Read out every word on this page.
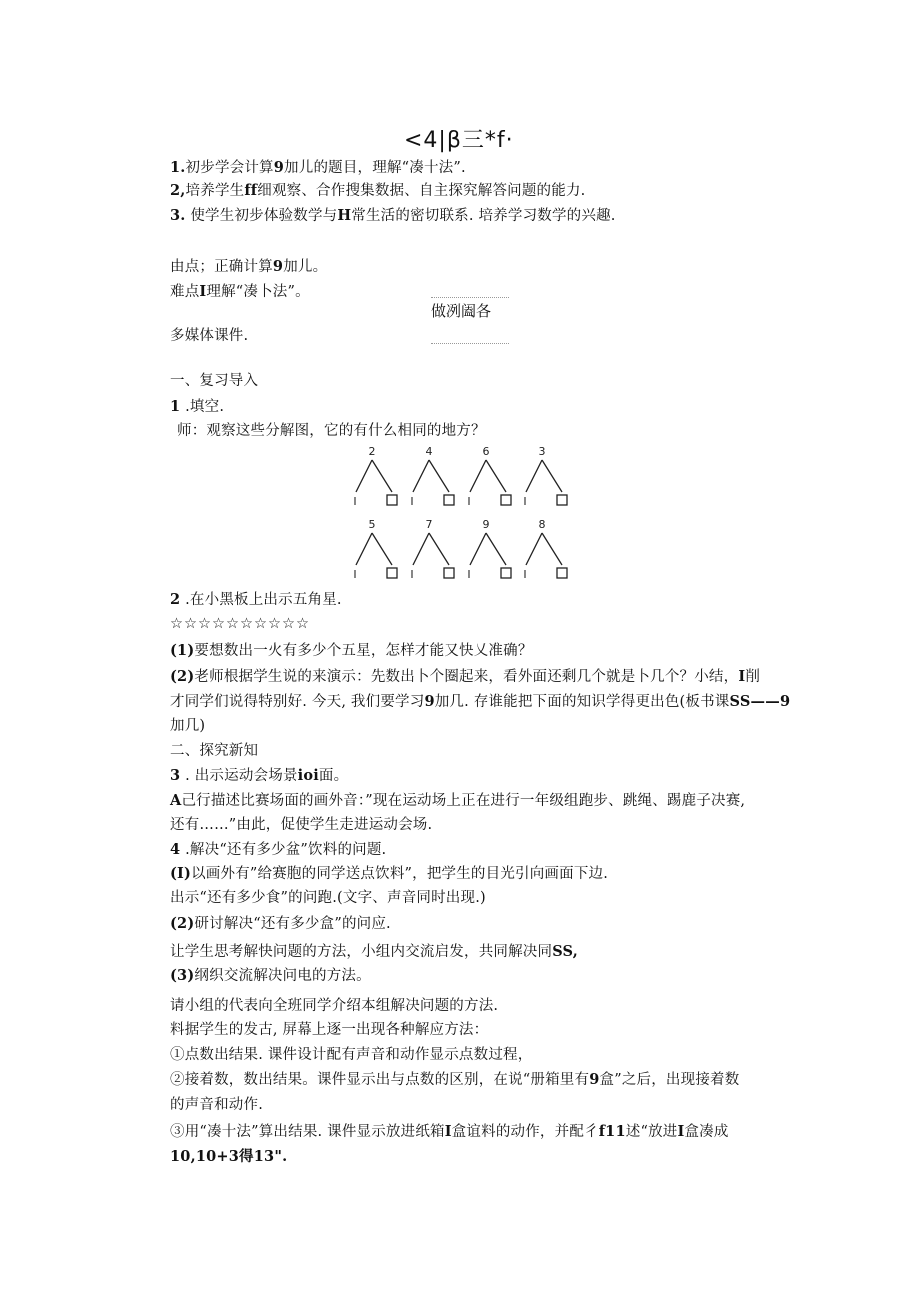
<4|β三*f·
1.初步学会计算9加儿的题目，理解“凑十法”.
2,培养学生ff细观察、合作搜集数据、自主探究解答问题的能力.
3. 使学生初步体验数学与H常生活的密切联系. 培养学习数学的兴趣.
由点；正确计算9加儿。
难点I理解“凑卜法”。
做冽阖各
多媒体课件.
一、复习导入
1 .填空.
师：观察这些分解图，它的有什么相同的地方？
2
I
4
I
6
I
3
I
5
I
7
I
9
I
8
I
2 .在小黑板上出示五角星.
☆☆☆☆☆☆☆☆☆☆
(1)要想数出一火有多少个五星，怎样才能又快乂准确？
(2)老师根据学生说的来演示：先数出卜个圈起来，看外面还剩几个就是卜几个？小结，I削
才同学们说得特别好. 今天, 我们要学习9加几. 存谁能把下面的知识学得更出色(板书课SS——9
加几)
二、探究新知
3 . 出示运动会场景ioi面。
A己行描述比赛场面的画外音：”现在运动场上正在进行一年级组跑步、跳绳、踢鹿子决赛,
还有……”由此，促使学生走进运动会场.
4 .解决“还有多少盆”饮料的问题.
(I)以画外有”给赛胞的同学送点饮料”，把学生的目光引向画面下边.
出示“还有多少食”的问跑.(文字、声音同时出现.)
(2)研讨解决“还有多少盒”的问应.
让学生思考解快问题的方法，小组内交流启发，共同解决同SS,
(3)纲织交流解决问电的方法。
请小组的代表向全班同学介绍本组解决问题的方法.
料据学生的发古, 屏幕上逐一出现各种解应方法：
①点数出结果. 课件设计配有声音和动作显示点数过程，
②接着数，数出结果。课件显示出与点数的区别，在说“册箱里有9盒”之后，出现接着数
的声音和动作.
③用“凑十法”算出结果. 课件显示放进纸箱I盒谊料的动作，并配彳f11述“放进I盒凑成
10,10+3得13".
